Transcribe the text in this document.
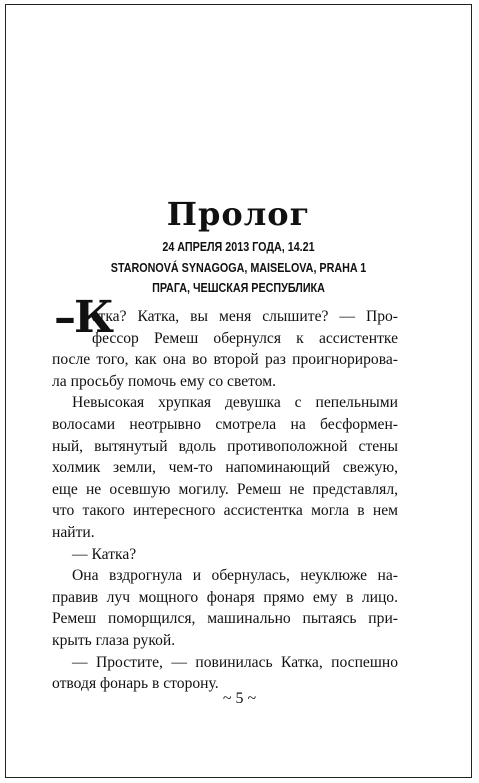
Пролог
24 АПРЕЛЯ 2013 ГОДА, 14.21
STARONOVÁ SYNAGOGA, MAISELOVA, PRAHA 1
ПРАГА, ЧЕШСКАЯ РЕСПУБЛИКА
–К
атка? Катка, вы меня слышите? — Про-
фессор Ремеш обернулся к ассистентке
после того, как она во второй раз проигнорирова-
ла просьбу помочь ему со светом.
Невысокая хрупкая девушка с пепельными
волосами неотрывно смотрела на бесформен-
ный, вытянутый вдоль противоположной стены
холмик земли, чем-то напоминающий свежую,
еще не осевшую могилу. Ремеш не представлял,
что такого интересного ассистентка могла в нем
найти.
— Катка?
Она вздрогнула и обернулась, неуклюже на-
правив луч мощного фонаря прямо ему в лицо.
Ремеш поморщился, машинально пытаясь при-
крыть глаза рукой.
— Простите, — повинилась Катка, поспешно
отводя фонарь в сторону.
~ 5 ~
